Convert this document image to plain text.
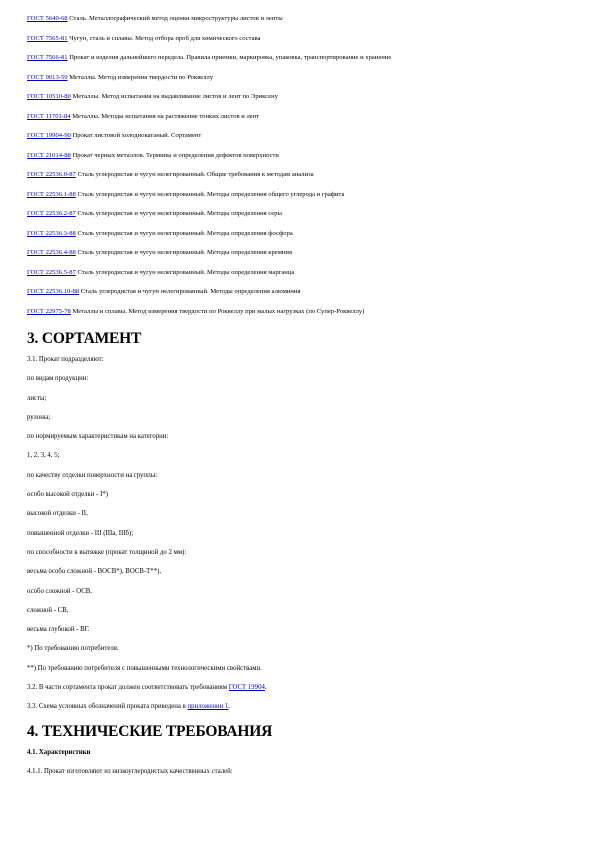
ГОСТ 5640-68 Сталь. Металлографический метод оценки микроструктуры листов и ленты
ГОСТ 7565-81 Чугун, сталь и сплавы. Метод отбора проб для химического состава
ГОСТ 7566-81 Прокат и изделия дальнейшего передела. Правила приемки, маркировка, упаковка, транспортирование и хранение
ГОСТ 9013-59 Металлы. Метод измерения твердости по Роквеллу
ГОСТ 10510-80 Металлы. Метод испытания на выдавливание листов и лент по Эриксену
ГОСТ 11701-84 Металлы. Методы испытания на растяжение тонких листов и лент
ГОСТ 19904-90 Прокат листовой холоднокатаный. Сортамент
ГОСТ 21014-88 Прокат черных металлов. Термины и определения дефектов поверхности
ГОСТ 22536.0-87 Сталь углеродистая и чугун нелегированный. Общие требования к методам анализа
ГОСТ 22536.1-88 Сталь углеродистая и чугун нелегированный. Методы определения общего углерода и графита
ГОСТ 22536.2-87 Сталь углеродистая и чугун нелегированный. Методы определения серы
ГОСТ 22536.3-88 Сталь углеродистая и чугун нелегированный. Методы определения фосфора
ГОСТ 22536.4-88 Сталь углеродистая и чугун нелегированный. Методы определения кремния
ГОСТ 22536.5-87 Сталь углеродистая и чугун нелегированный. Методы определения марганца
ГОСТ 22536.10-88 Сталь углеродистая и чугун нелегированный. Методы определения алюминия
ГОСТ 22975-78 Металлы и сплавы. Метод измерения твердости по Роквеллу при малых нагрузках (по Супер-Роквеллу)
3. СОРТАМЕНТ
3.1. Прокат подразделяют:
по видам продукции:
листы;
рулоны;
по нормируемым характеристикам на категории:
1, 2, 3, 4, 5;
по качеству отделки поверхности на группы:
особо высокой отделки - I*)
высокой отделки - II,
повышенной отделки - III (IIIа, IIIб);
по способности к вытяжке (прокат толщиной до 2 мм):
весьма особо сложной - ВОСВ*), ВОСВ-Т**),
особо сложной - ОСВ,
сложной - СВ,
весьма глубокой - ВГ.
*) По требованию потребителя.
**) По требованию потребителя с повышенными технологическими свойствами.
3.2. В части сортамента прокат должен соответствовать требованиям ГОСТ 19904.
3.3. Схема условных обозначений проката приведена в приложении 1.
4. ТЕХНИЧЕСКИЕ ТРЕБОВАНИЯ
4.1. Характеристики
4.1.1. Прокат изготовляют из низкоуглеродистых качественных сталей:
